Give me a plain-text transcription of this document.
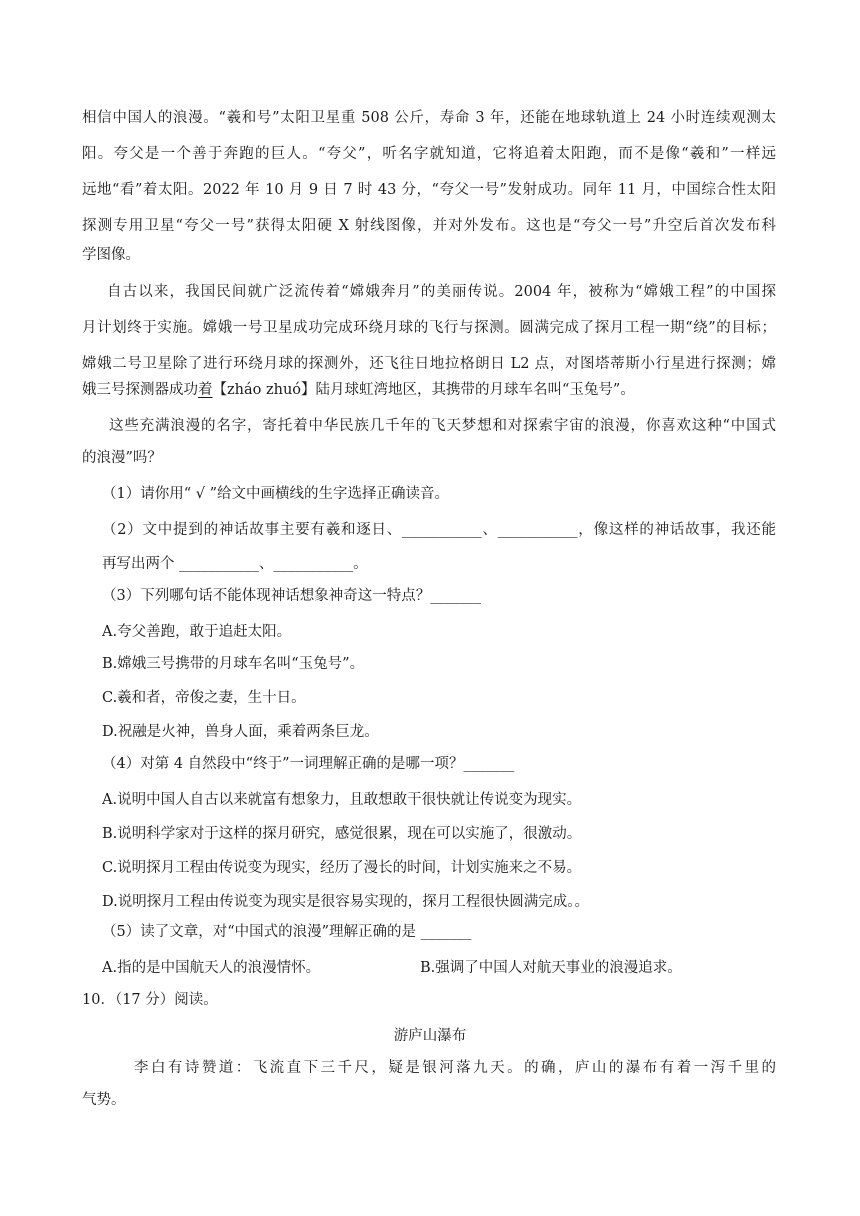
相信中国人的浪漫。“羲和号”太阳卫星重 508 公斤，寿命 3 年，还能在地球轨道上 24 小时连续观测太
阳。夸父是一个善于奔跑的巨人。“夸父”，听名字就知道，它将追着太阳跑，而不是像“羲和”一样远
远地“看”着太阳。2022 年 10 月 9 日 7 时 43 分，“夸父一号”发射成功。同年 11 月，中国综合性太阳
探测专用卫星“夸父一号”获得太阳硬 X 射线图像，并对外发布。这也是“夸父一号”升空后首次发布科
学图像。
自古以来，我国民间就广泛流传着“嫦娥奔月”的美丽传说。2004 年，被称为“嫦娥工程”的中国探
月计划终于实施。嫦娥一号卫星成功完成环绕月球的飞行与探测。圆满完成了探月工程一期“绕”的目标；
嫦娥二号卫星除了进行环绕月球的探测外，还飞往日地拉格朗日 L2 点，对图塔蒂斯小行星进行探测；嫦
娥三号探测器成功着【zháo zhuó】陆月球虹湾地区，其携带的月球车名叫“玉兔号”。
这些充满浪漫的名字，寄托着中华民族几千年的飞天梦想和对探索宇宙的浪漫，你喜欢这种“中国式
的浪漫”吗？
（1）请你用“ √ ”给文中画横线的生字选择正确读音。
（2）文中提到的神话故事主要有羲和逐日、___________、___________，像这样的神话故事，我还能
再写出两个 ___________、___________。
（3）下列哪句话不能体现神话想象神奇这一特点？_______
A.夸父善跑，敢于追赶太阳。
B.嫦娥三号携带的月球车名叫“玉兔号”。
C.羲和者，帝俊之妻，生十日。
D.祝融是火神，兽身人面，乘着两条巨龙。
（4）对第 4 自然段中“终于”一词理解正确的是哪一项？_______
A.说明中国人自古以来就富有想象力，且敢想敢干很快就让传说变为现实。
B.说明科学家对于这样的探月研究，感觉很累，现在可以实施了，很激动。
C.说明探月工程由传说变为现实，经历了漫长的时间，计划实施来之不易。
D.说明探月工程由传说变为现实是很容易实现的，探月工程很快圆满完成。。
（5）读了文章，对“中国式的浪漫”理解正确的是 _______
A.指的是中国航天人的浪漫情怀。	B.强调了中国人对航天事业的浪漫追求。
10．（17 分）阅读。
游庐山瀑布
李白有诗赞道：飞流直下三千尺，疑是银河落九天。的确，庐山的瀑布有着一泻千里的
气势。
